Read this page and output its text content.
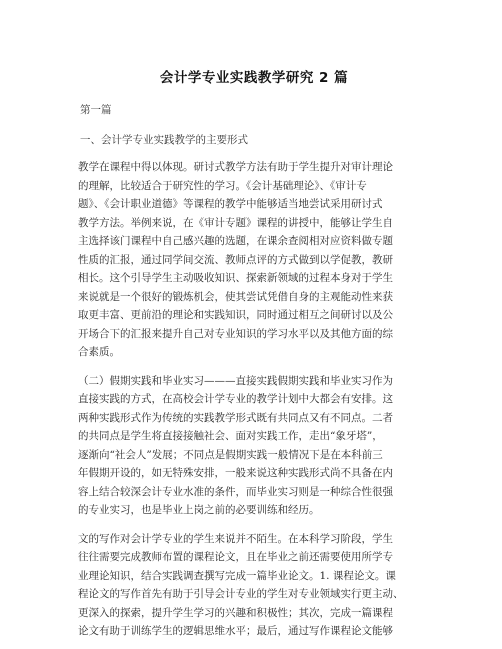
会计学专业实践教学研究 2 篇
第一篇
一、会计学专业实践教学的主要形式
教学在课程中得以体现。研讨式教学方法有助于学生提升对审计理论
的理解，比较适合于研究性的学习。《会计基础理论》、《审计专
题》、《会计职业道德》等课程的教学中能够适当地尝试采用研讨式
教学方法。举例来说，在《审计专题》课程的讲授中，能够让学生自
主选择该门课程中自己感兴趣的选题，在课余查阅相对应资料做专题
性质的汇报，通过同学间交流、教师点评的方式做到以学促教，教研
相长。这个引导学生主动吸收知识、探索新领域的过程本身对于学生
来说就是一个很好的锻炼机会，使其尝试凭借自身的主观能动性来获
取更丰富、更前沿的理论和实践知识，同时通过相互之间研讨以及公
开场合下的汇报来提升自己对专业知识的学习水平以及其他方面的综
合素质。
（二）假期实践和毕业实习———直接实践假期实践和毕业实习作为
直接实践的方式，在高校会计学专业的教学计划中大都会有安排。这
两种实践形式作为传统的实践教学形式既有共同点又有不同点。二者
的共同点是学生将直接接触社会、面对实践工作，走出“象牙塔”，
逐渐向“社会人”发展；不同点是假期实践一般情况下是在本科前三
年假期开设的，如无特殊安排，一般来说这种实践形式尚不具备在内
容上结合较深会计专业水准的条件，而毕业实习则是一种综合性很强
的专业实习，也是毕业上岗之前的必要训练和经历。
文的写作对会计学专业的学生来说并不陌生。在本科学习阶段，学生
往往需要完成教师布置的课程论文，且在毕业之前还需要使用所学专
业理论知识，结合实践调查撰写完成一篇毕业论文。1. 课程论文。课
程论文的写作首先有助于引导会计专业的学生对专业领域实行更主动、
更深入的探索，提升学生学习的兴趣和积极性；其次，完成一篇课程
论文有助于训练学生的逻辑思维水平；最后，通过写作课程论文能够
